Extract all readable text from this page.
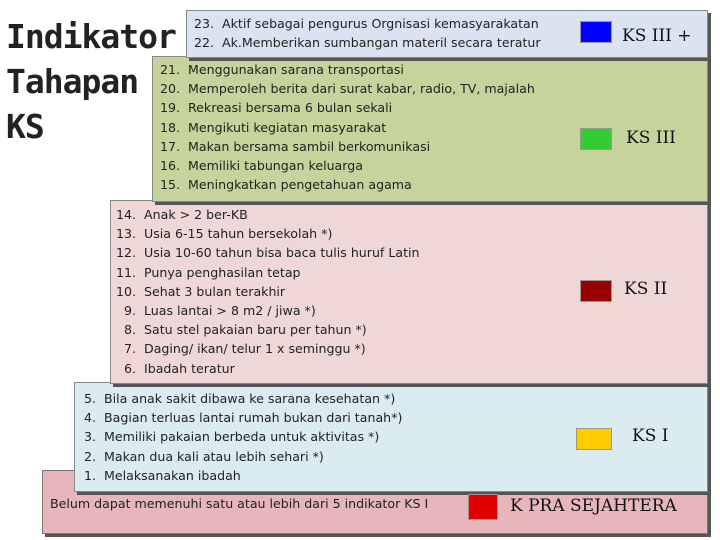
Indikator
Tahapan
KS
23. Aktif sebagai pengurus Orgnisasi kemasyarakatan
22. Ak.Memberikan sumbangan materil secara teratur	KS III +
21. Menggunakan sarana transportasi
20. Memperoleh berita dari surat kabar, radio, TV, majalah
19. Rekreasi bersama 6 bulan sekali
18. Mengikuti kegiatan masyarakat
17. Makan bersama sambil berkomunikasi
16. Memiliki tabungan keluarga
15. Meningkatkan pengetahuan agama
KS III
14. Anak > 2 ber-KB
13. Usia 6-15 tahun bersekolah *)
12. Usia 10-60 tahun bisa baca tulis huruf Latin
11. Punya penghasilan tetap
10. Sehat 3 bulan terakhir
9. Luas lantai > 8 m2 / jiwa *)
8. Satu stel pakaian baru per tahun *)
7. Daging/ ikan/ telur 1 x seminggu *)
6. Ibadah teratur
KS II
5. Bila anak sakit dibawa ke sarana kesehatan *)
4. Bagian terluas lantai rumah bukan dari tanah*)
3. Memiliki pakaian berbeda untuk aktivitas *)
2. Makan dua kali atau lebih sehari *)
1. Melaksanakan ibadah
KS I
Belum dapat memenuhi satu atau lebih dari 5 indikator KS I	K PRA SEJAHTERA
